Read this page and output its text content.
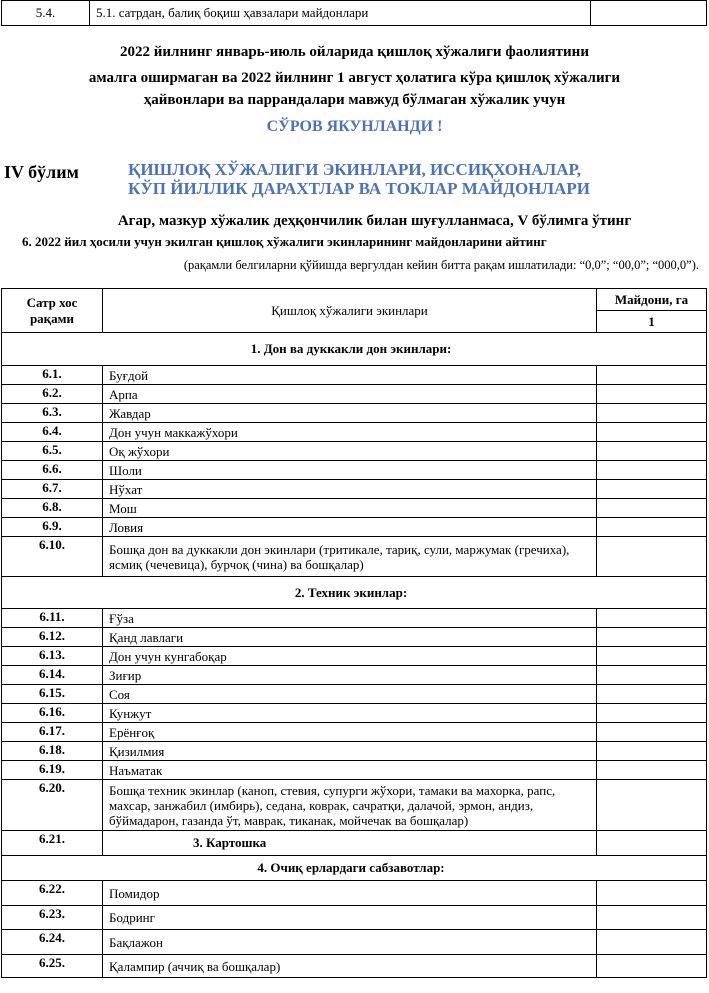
5.4.	5.1. сатрдан, балиқ боқиш ҳавзалари майдонлари	
2022 йилнинг январь-июль ойларида қишлоқ хўжалиги фаолиятини
амалга оширмаган ва 2022 йилнинг 1 август ҳолатига кўра қишлоқ хўжалиги
ҳайвонлари ва паррандалари мавжуд бўлмаган хўжалик учун
СЎРОВ ЯКУНЛАНДИ !
IV бўлим	ҚИШЛОҚ ХЎЖАЛИГИ ЭКИНЛАРИ, ИССИҚХОНАЛАР,
КЎП ЙИЛЛИК ДАРАХТЛАР ВА ТОКЛАР МАЙДОНЛАРИ
Агар, мазкур хўжалик деҳқончилик билан шуғулланмаса, V бўлимга ўтинг
6. 2022 йил ҳосили учун экилган қишлоқ хўжалиги экинларининг майдонларини айтинг
(рақамли белгиларни қўйишда вергулдан кейин битта рақам ишлатилади: “0,0”; “00,0”; “000,0”).
Сатр хос рақами	Қишлоқ хўжалиги экинлари	Майдони, га
		1
1. Дон ва дуккакли дон экинлари:		
6.1.	Буғдой	
6.2.	Арпа	
6.3.	Жавдар	
6.4.	Дон учун маккажўхори	
6.5.	Оқ жўхори	
6.6.	Шоли	
6.7.	Нўхат	
6.8.	Мош	
6.9.	Ловия	
6.10.	Бошқа дон ва дуккакли дон экинлари (тритикале, тариқ, сули, маржумак (гречиха), ясмиқ (чечевица), бурчоқ (чина) ва бошқалар)	
2. Техник экинлар:		
6.11.	Ғўза	
6.12.	Қанд лавлаги	
6.13.	Дон учун кунгабоқар	
6.14.	Зиғир	
6.15.	Соя	
6.16.	Кунжут	
6.17.	Ерёнғоқ	
6.18.	Қизилмия	
6.19.	Наъматак	
6.20.	Бошқа техник экинлар (каноп, стевия, супурги жўхори, тамаки ва махорка, рапс, махсар, занжабил (имбирь), седана, коврак, сачратқи, далачой, эрмон, андиз, бўймадарон, газанда ўт, маврак, тиканак, мойчечак ва бошқалар)	
6.21.	3. Картошка	
4. Очиқ ерлардаги сабзавотлар:		
6.22.	Помидор	
6.23.	Бодринг	
6.24.	Бақлажон	
6.25.	Қалампир (аччиқ ва бошқалар)	
